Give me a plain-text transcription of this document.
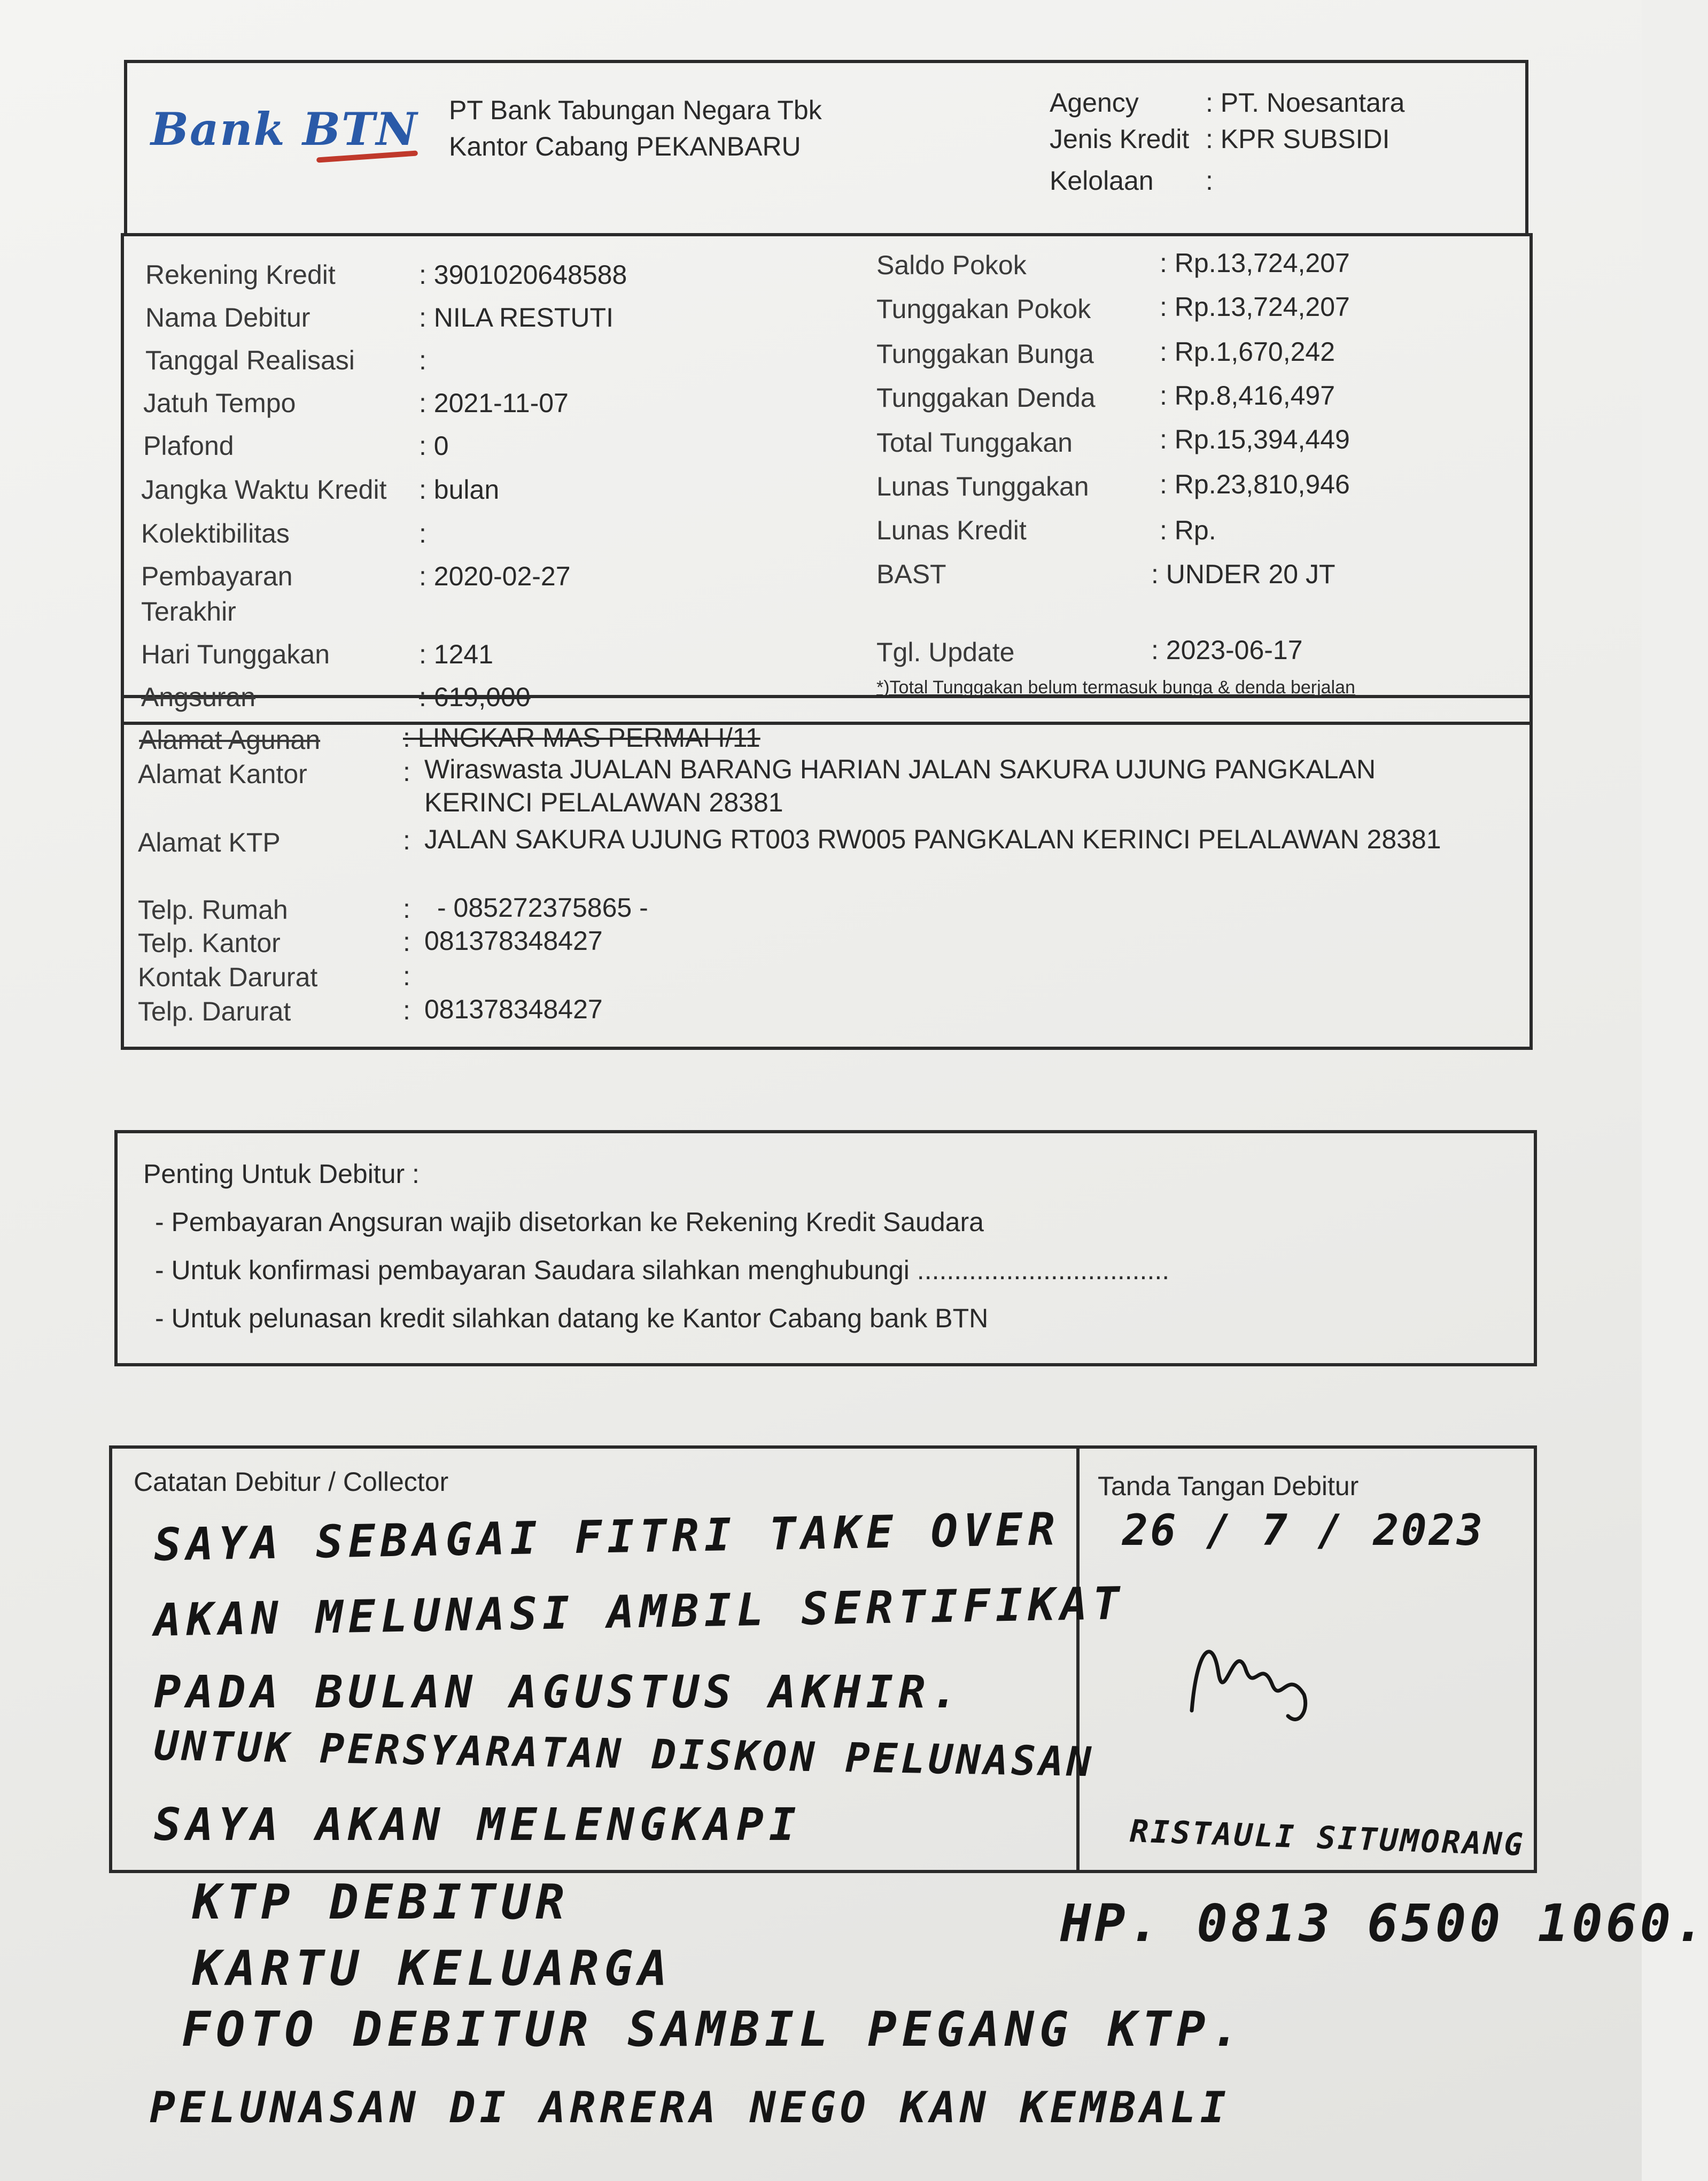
Bank BTN PT Bank Tabungan Negara Tbk
Kantor Cabang PEKANBARU
Agency	: PT. Noesantara
Jenis Kredit : KPR SUBSIDI
Kelolaan :
Rekening Kredit	: 3901020648588
Nama Debitur	: NILA RESTUTI
Tanggal Realisasi :
Jatuh Tempo	: 2021-11-07
Plafond	: 0
Jangka Waktu Kredit : bulan
Kolektibilitas	:
Pembayaran	: 2020-02-27
Terakhir
Hari Tunggakan	: 1241
Angsuran	: 619,000
Saldo Pokok	: Rp.13,724,207
Tunggakan Pokok	: Rp.13,724,207
Tunggakan Bunga : Rp.1,670,242
Tunggakan Denda : Rp.8,416,497
Total Tunggakan	: Rp.15,394,449
Lunas Tunggakan	: Rp.23,810,946
Lunas Kredit	: Rp.
BAST	: UNDER 20 JT
Tgl. Update	: 2023-06-17
*)Total Tunggakan belum termasuk bunga & denda berjalan
Alamat Agunan	: LINGKAR MAS PERMAI I/11
Alamat Kantor	: Wiraswasta JUALAN BARANG HARIAN JALAN SAKURA UJUNG PANGKALAN KERINCI PELALAWAN 28381
Alamat KTP	: JALAN SAKURA UJUNG RT003 RW005 PANGKALAN KERINCI PELALAWAN 28381
Telp. Rumah	: - 085272375865 -
Telp. Kantor	: 081378348427
Kontak Darurat	:
Telp. Darurat	: 081378348427
Penting Untuk Debitur :
- Pembayaran Angsuran wajib disetorkan ke Rekening Kredit Saudara
- Untuk konfirmasi pembayaran Saudara silahkan menghubungi ..................................
- Untuk pelunasan kredit silahkan datang ke Kantor Cabang bank BTN
Catatan Debitur / Collector	Tanda Tangan Debitur
SAYA SEBAGAI FITRI TAKE OVER
AKAN MELUNASI AMBIL SERTIFIKAT
PADA BULAN AGUSTUS AKHIR.
UNTUK PERSYARATAN DISKON PELUNASAN
SAYA AKAN MELENGKAPI
26 / 7 / 2023
RISTAULI SITUMORANG
KTP DEBITUR
KARTU KELUARGA
FOTO DEBITUR SAMBIL PEGANG KTP.
PELUNASAN DI ARRERA NEGO KAN KEMBALI
HP. 0813 6500 1060.
